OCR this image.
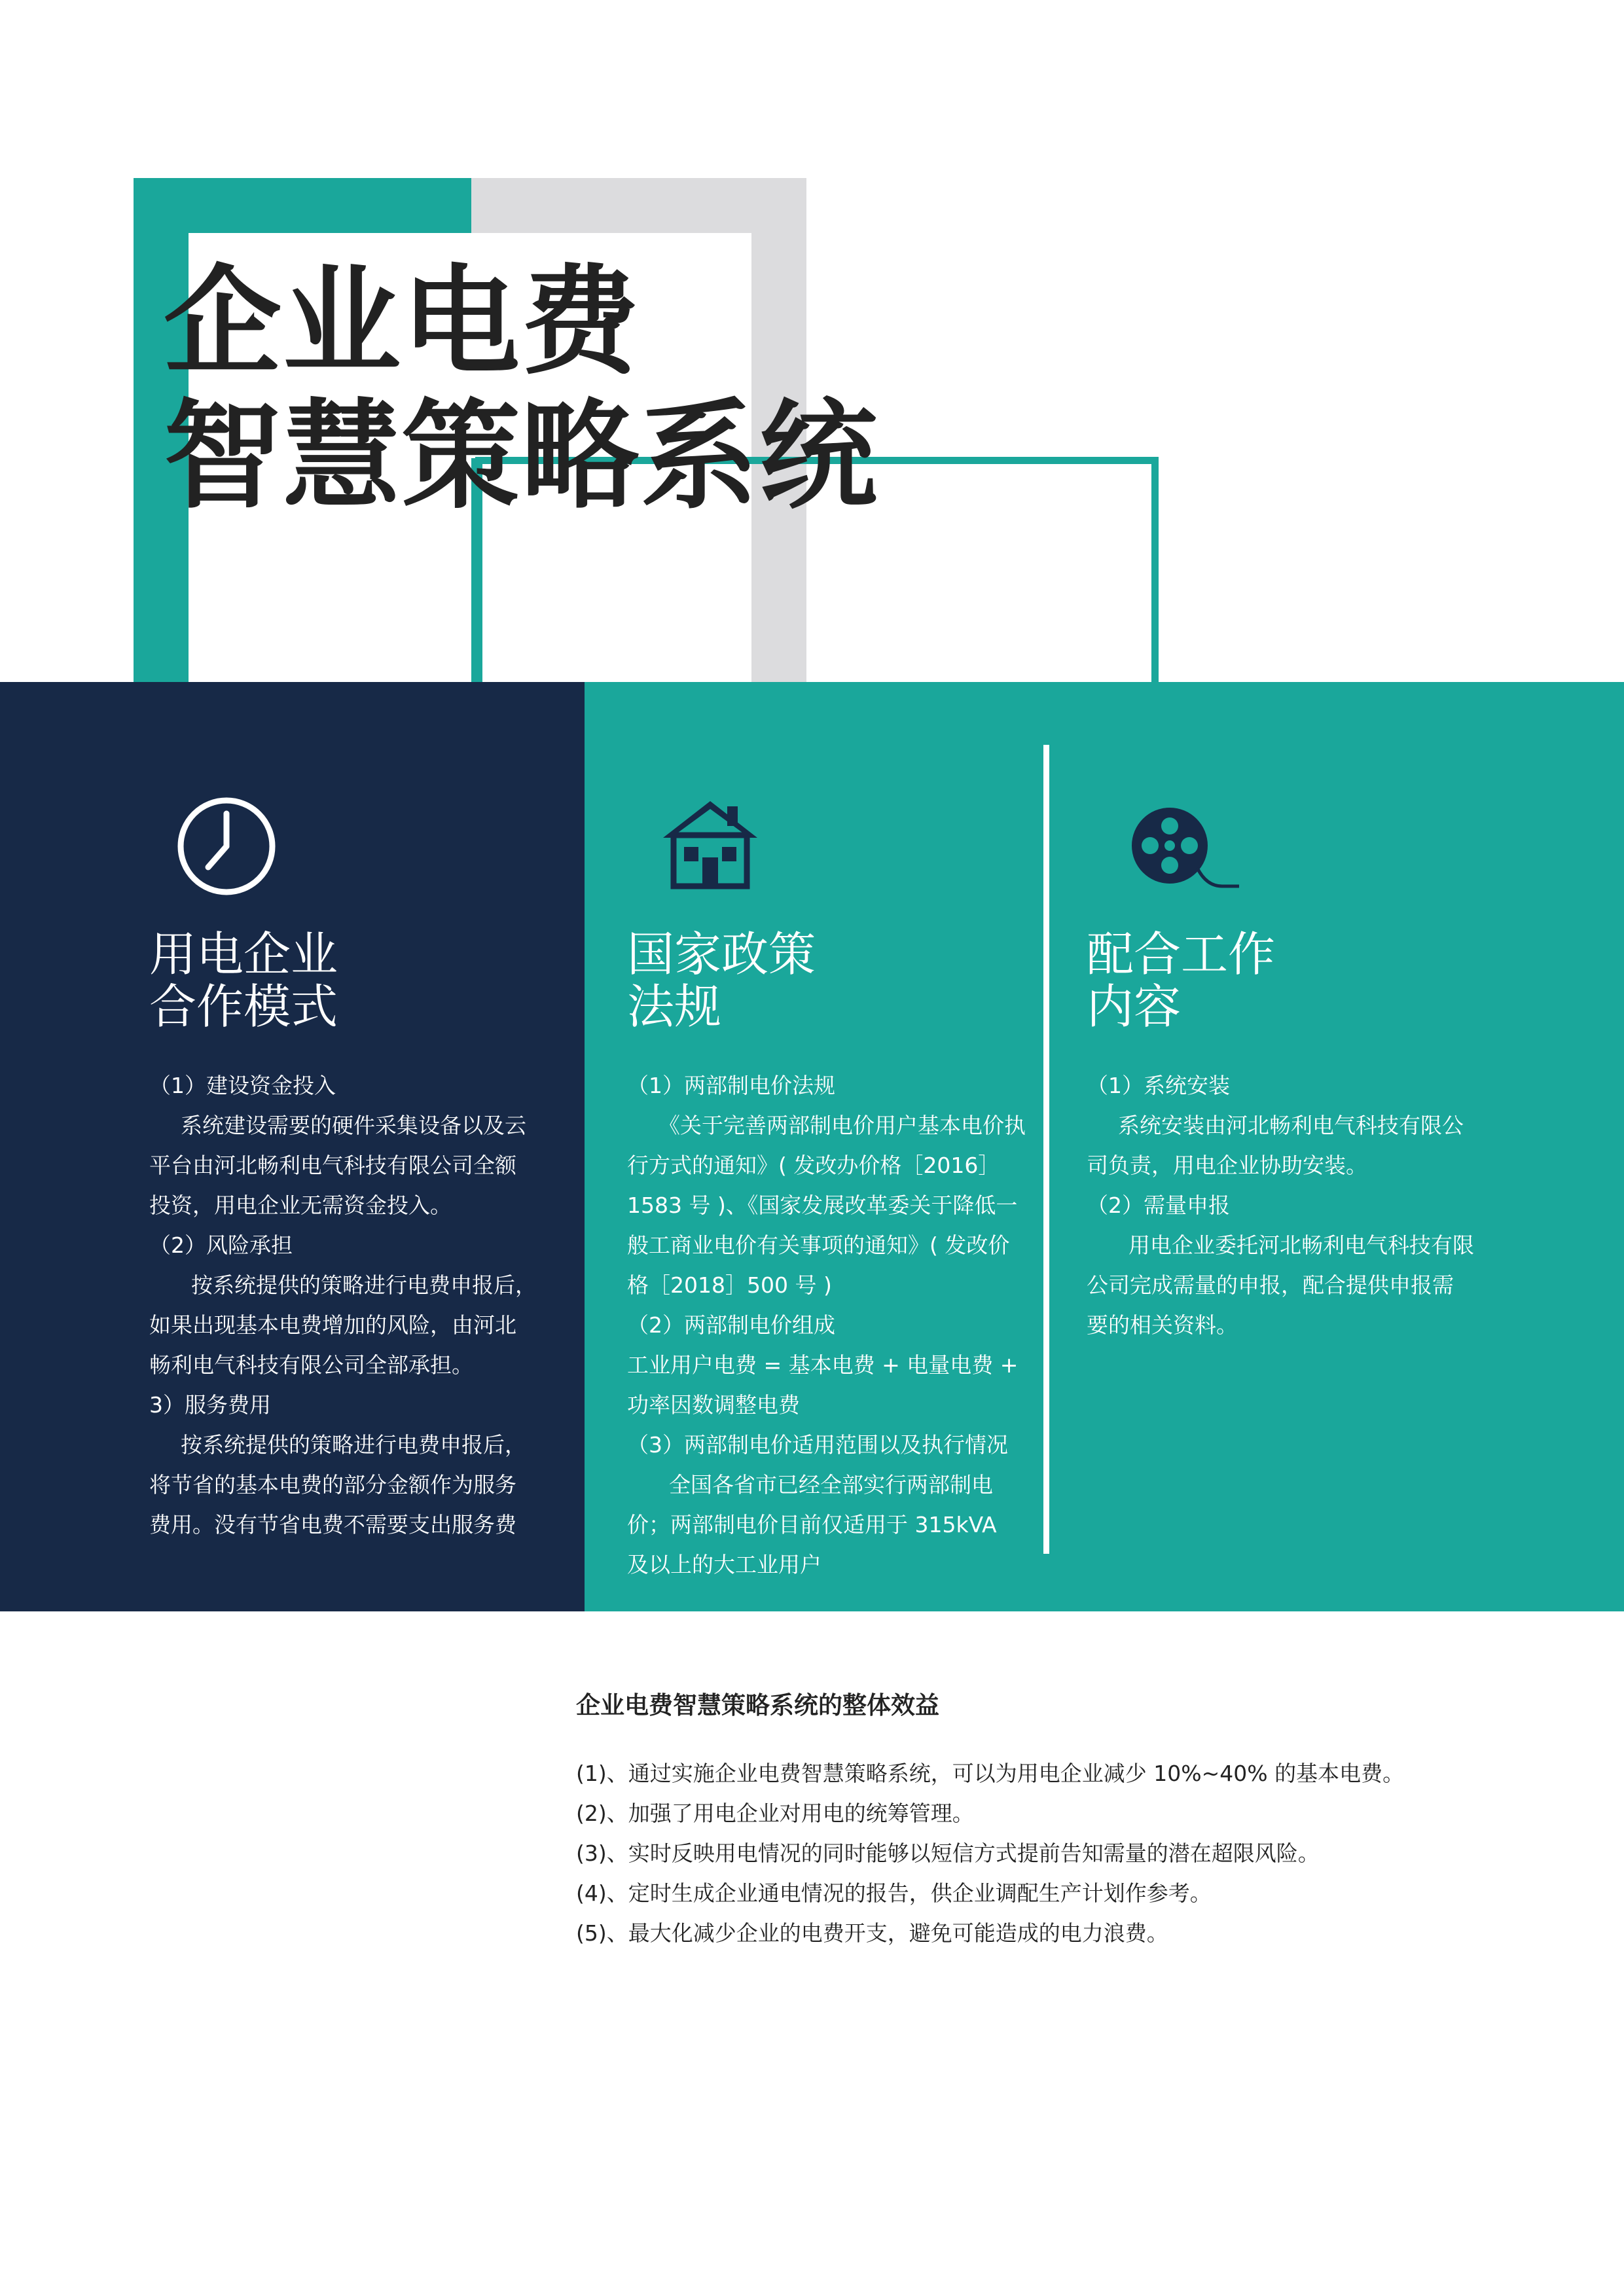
企业电费
智慧策略系统
用电企业
合作模式
（1）建设资金投入
系统建设需要的硬件采集设备以及云
平台由河北畅利电气科技有限公司全额
投资，用电企业无需资金投入。
（2）风险承担
按系统提供的策略进行电费申报后，
如果出现基本电费增加的风险，由河北
畅利电气科技有限公司全部承担。
3）服务费用
按系统提供的策略进行电费申报后，
将节省的基本电费的部分金额作为服务
费用。没有节省电费不需要支出服务费
国家政策
法规
（1）两部制电价法规
《关于完善两部制电价用户基本电价执
行方式的通知》( 发改办价格［2016］
1583 号 )、《国家发展改革委关于降低一
般工商业电价有关事项的通知》( 发改价
格［2018］500 号 )
（2）两部制电价组成
工业用户电费 = 基本电费 + 电量电费 +
功率因数调整电费
（3）两部制电价适用范围以及执行情况
全国各省市已经全部实行两部制电
价；两部制电价目前仅适用于 315kVA
及以上的大工业用户
配合工作
内容
（1）系统安装
系统安装由河北畅利电气科技有限公
司负责，用电企业协助安装。
（2）需量申报
用电企业委托河北畅利电气科技有限
公司完成需量的申报，配合提供申报需
要的相关资料。
企业电费智慧策略系统的整体效益
(1)、通过实施企业电费智慧策略系统，可以为用电企业减少 10%~40% 的基本电费。
(2)、加强了用电企业对用电的统筹管理。
(3)、实时反映用电情况的同时能够以短信方式提前告知需量的潜在超限风险。
(4)、定时生成企业通电情况的报告，供企业调配生产计划作参考。
(5)、最大化减少企业的电费开支，避免可能造成的电力浪费。
